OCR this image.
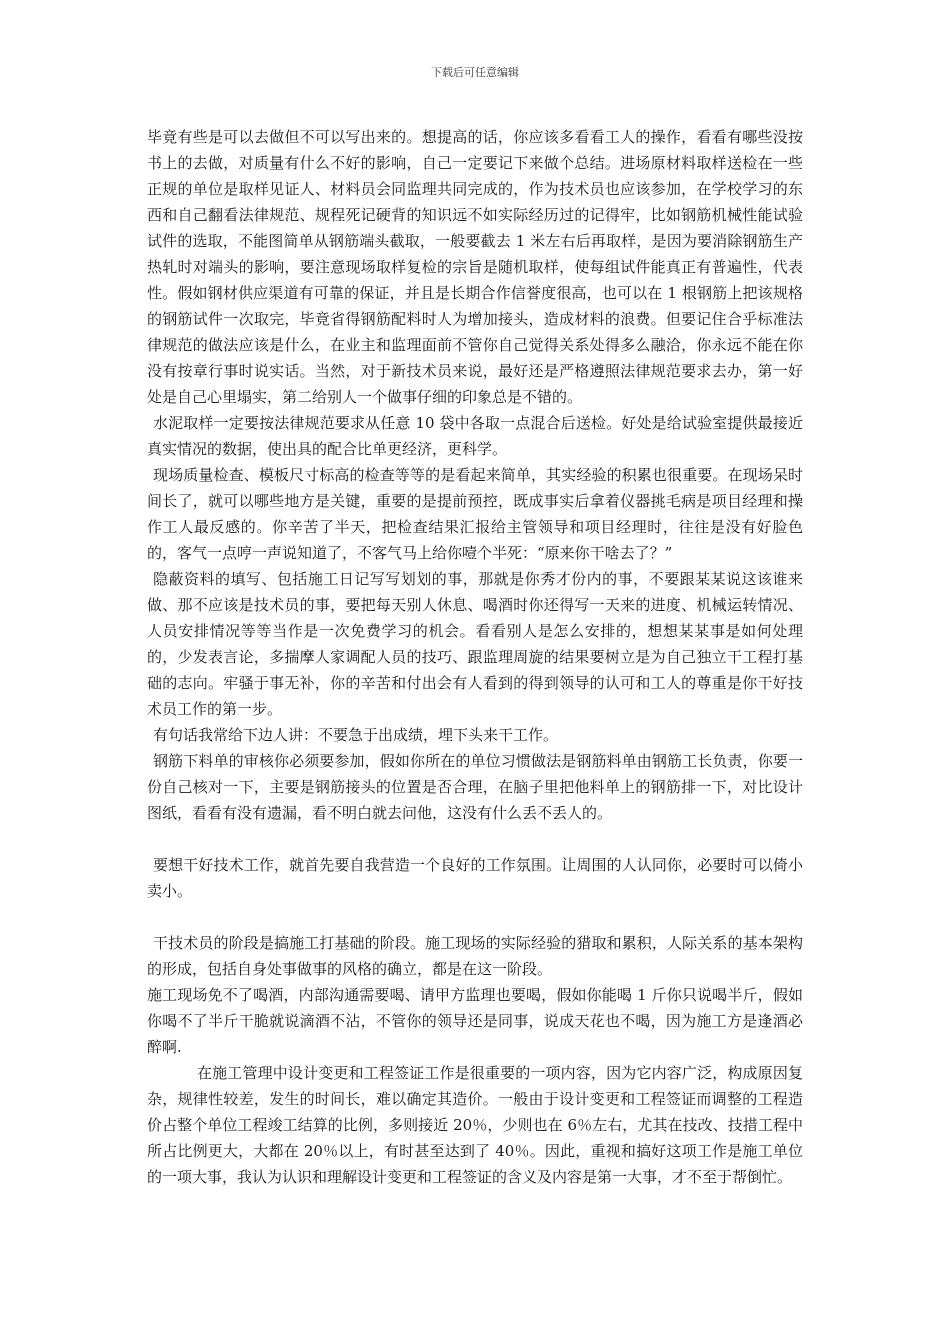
下载后可任意编辑

毕竟有些是可以去做但不可以写出来的。想提高的话，你应该多看看工人的操作，看看有哪些没按书上的去做，对质量有什么不好的影响，自己一定要记下来做个总结。进场原材料取样送检在一些正规的单位是取样见证人、材料员会同监理共同完成的，作为技术员也应该参加，在学校学习的东西和自己翻看法律规范、规程死记硬背的知识远不如实际经历过的记得牢，比如钢筋机械性能试验试件的选取，不能图简单从钢筋端头截取，一般要截去 1 米左右后再取样，是因为要消除钢筋生产热轧时对端头的影响，要注意现场取样复检的宗旨是随机取样，使每组试件能真正有普遍性，代表性。假如钢材供应渠道有可靠的保证，并且是长期合作信誉度很高，也可以在 1 根钢筋上把该规格的钢筋试件一次取完，毕竟省得钢筋配料时人为增加接头，造成材料的浪费。但要记住合乎标准法律规范的做法应该是什么，在业主和监理面前不管你自己觉得关系处得多么融洽，你永远不能在你没有按章行事时说实话。当然，对于新技术员来说，最好还是严格遵照法律规范要求去办，第一好处是自己心里塌实，第二给别人一个做事仔细的印象总是不错的。

水泥取样一定要按法律规范要求从任意 10 袋中各取一点混合后送检。好处是给试验室提供最接近真实情况的数据，使出具的配合比单更经济，更科学。

现场质量检查、模板尺寸标高的检查等等的是看起来简单，其实经验的积累也很重要。在现场呆时间长了，就可以哪些地方是关键，重要的是提前预控，既成事实后拿着仪器挑毛病是项目经理和操作工人最反感的。你辛苦了半天，把检查结果汇报给主管领导和项目经理时，往往是没有好脸色的，客气一点哼一声说知道了，不客气马上给你噎个半死：“原来你干啥去了？”

隐蔽资料的填写、包括施工日记写写划划的事，那就是你秀才份内的事，不要跟某某说这该谁来做、那不应该是技术员的事，要把每天别人休息、喝酒时你还得写一天来的进度、机械运转情况、人员安排情况等等当作是一次免费学习的机会。看看别人是怎么安排的，想想某某事是如何处理的，少发表言论，多揣摩人家调配人员的技巧、跟监理周旋的结果要树立是为自己独立干工程打基础的志向。牢骚于事无补，你的辛苦和付出会有人看到的得到领导的认可和工人的尊重是你干好技术员工作的第一步。

有句话我常给下边人讲：不要急于出成绩，埋下头来干工作。

钢筋下料单的审核你必须要参加，假如你所在的单位习惯做法是钢筋料单由钢筋工长负责，你要一份自己核对一下，主要是钢筋接头的位置是否合理，在脑子里把他料单上的钢筋排一下，对比设计图纸，看看有没有遗漏，看不明白就去问他，这没有什么丢不丢人的。

要想干好技术工作，就首先要自我营造一个良好的工作氛围。让周围的人认同你，必要时可以倚小卖小。

干技术员的阶段是搞施工打基础的阶段。施工现场的实际经验的猎取和累积，人际关系的基本架构的形成，包括自身处事做事的风格的确立，都是在这一阶段。

施工现场免不了喝酒，内部沟通需要喝、请甲方监理也要喝，假如你能喝 1 斤你只说喝半斤，假如你喝不了半斤干脆就说滴酒不沾，不管你的领导还是同事，说成天花也不喝，因为施工方是逢酒必醉啊.

在施工管理中设计变更和工程签证工作是很重要的一项内容，因为它内容广泛，构成原因复杂，规律性较差，发生的时间长，难以确定其造价。一般由于设计变更和工程签证而调整的工程造价占整个单位工程竣工结算的比例，多则接近 20％，少则也在 6％左右，尤其在技改、技措工程中所占比例更大，大都在 20％以上，有时甚至达到了 40％。因此，重视和搞好这项工作是施工单位的一项大事，我认为认识和理解设计变更和工程签证的含义及内容是第一大事，才不至于帮倒忙。
